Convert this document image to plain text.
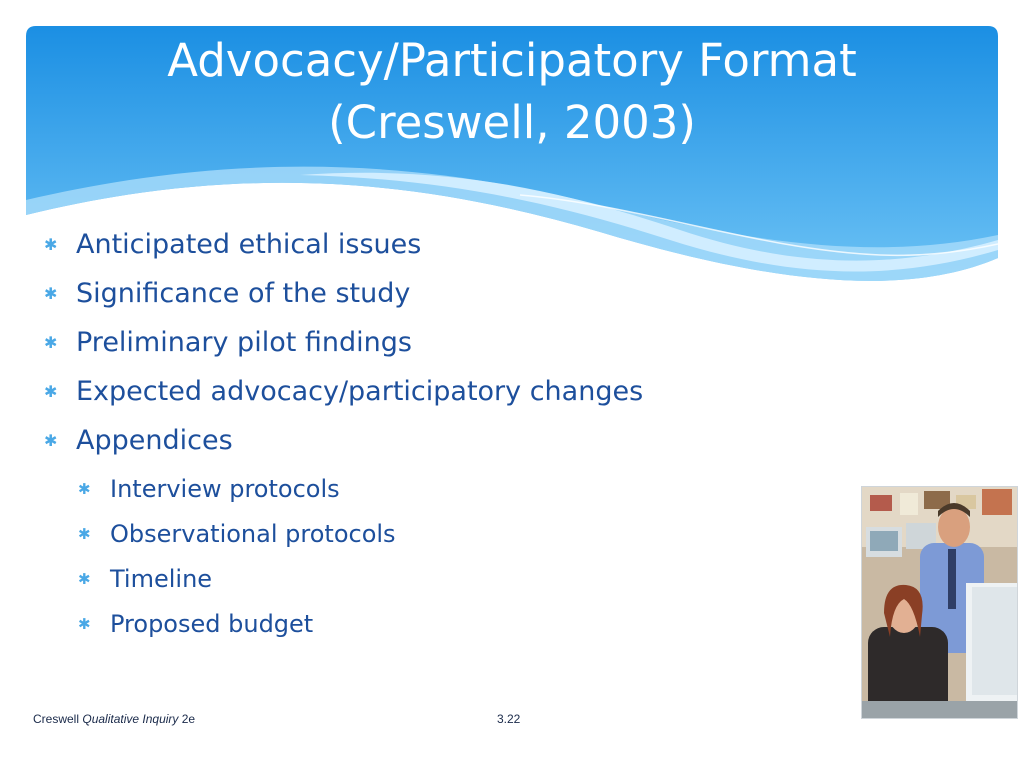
Advocacy/Participatory Format
(Creswell, 2003)
✱ Anticipated ethical issues
✱ Significance of the study
✱ Preliminary pilot findings
✱ Expected advocacy/participatory changes
✱ Appendices
✱ Interview protocols
✱ Observational protocols
✱ Timeline
✱ Proposed budget
Creswell Qualitative Inquiry 2e	3.22
